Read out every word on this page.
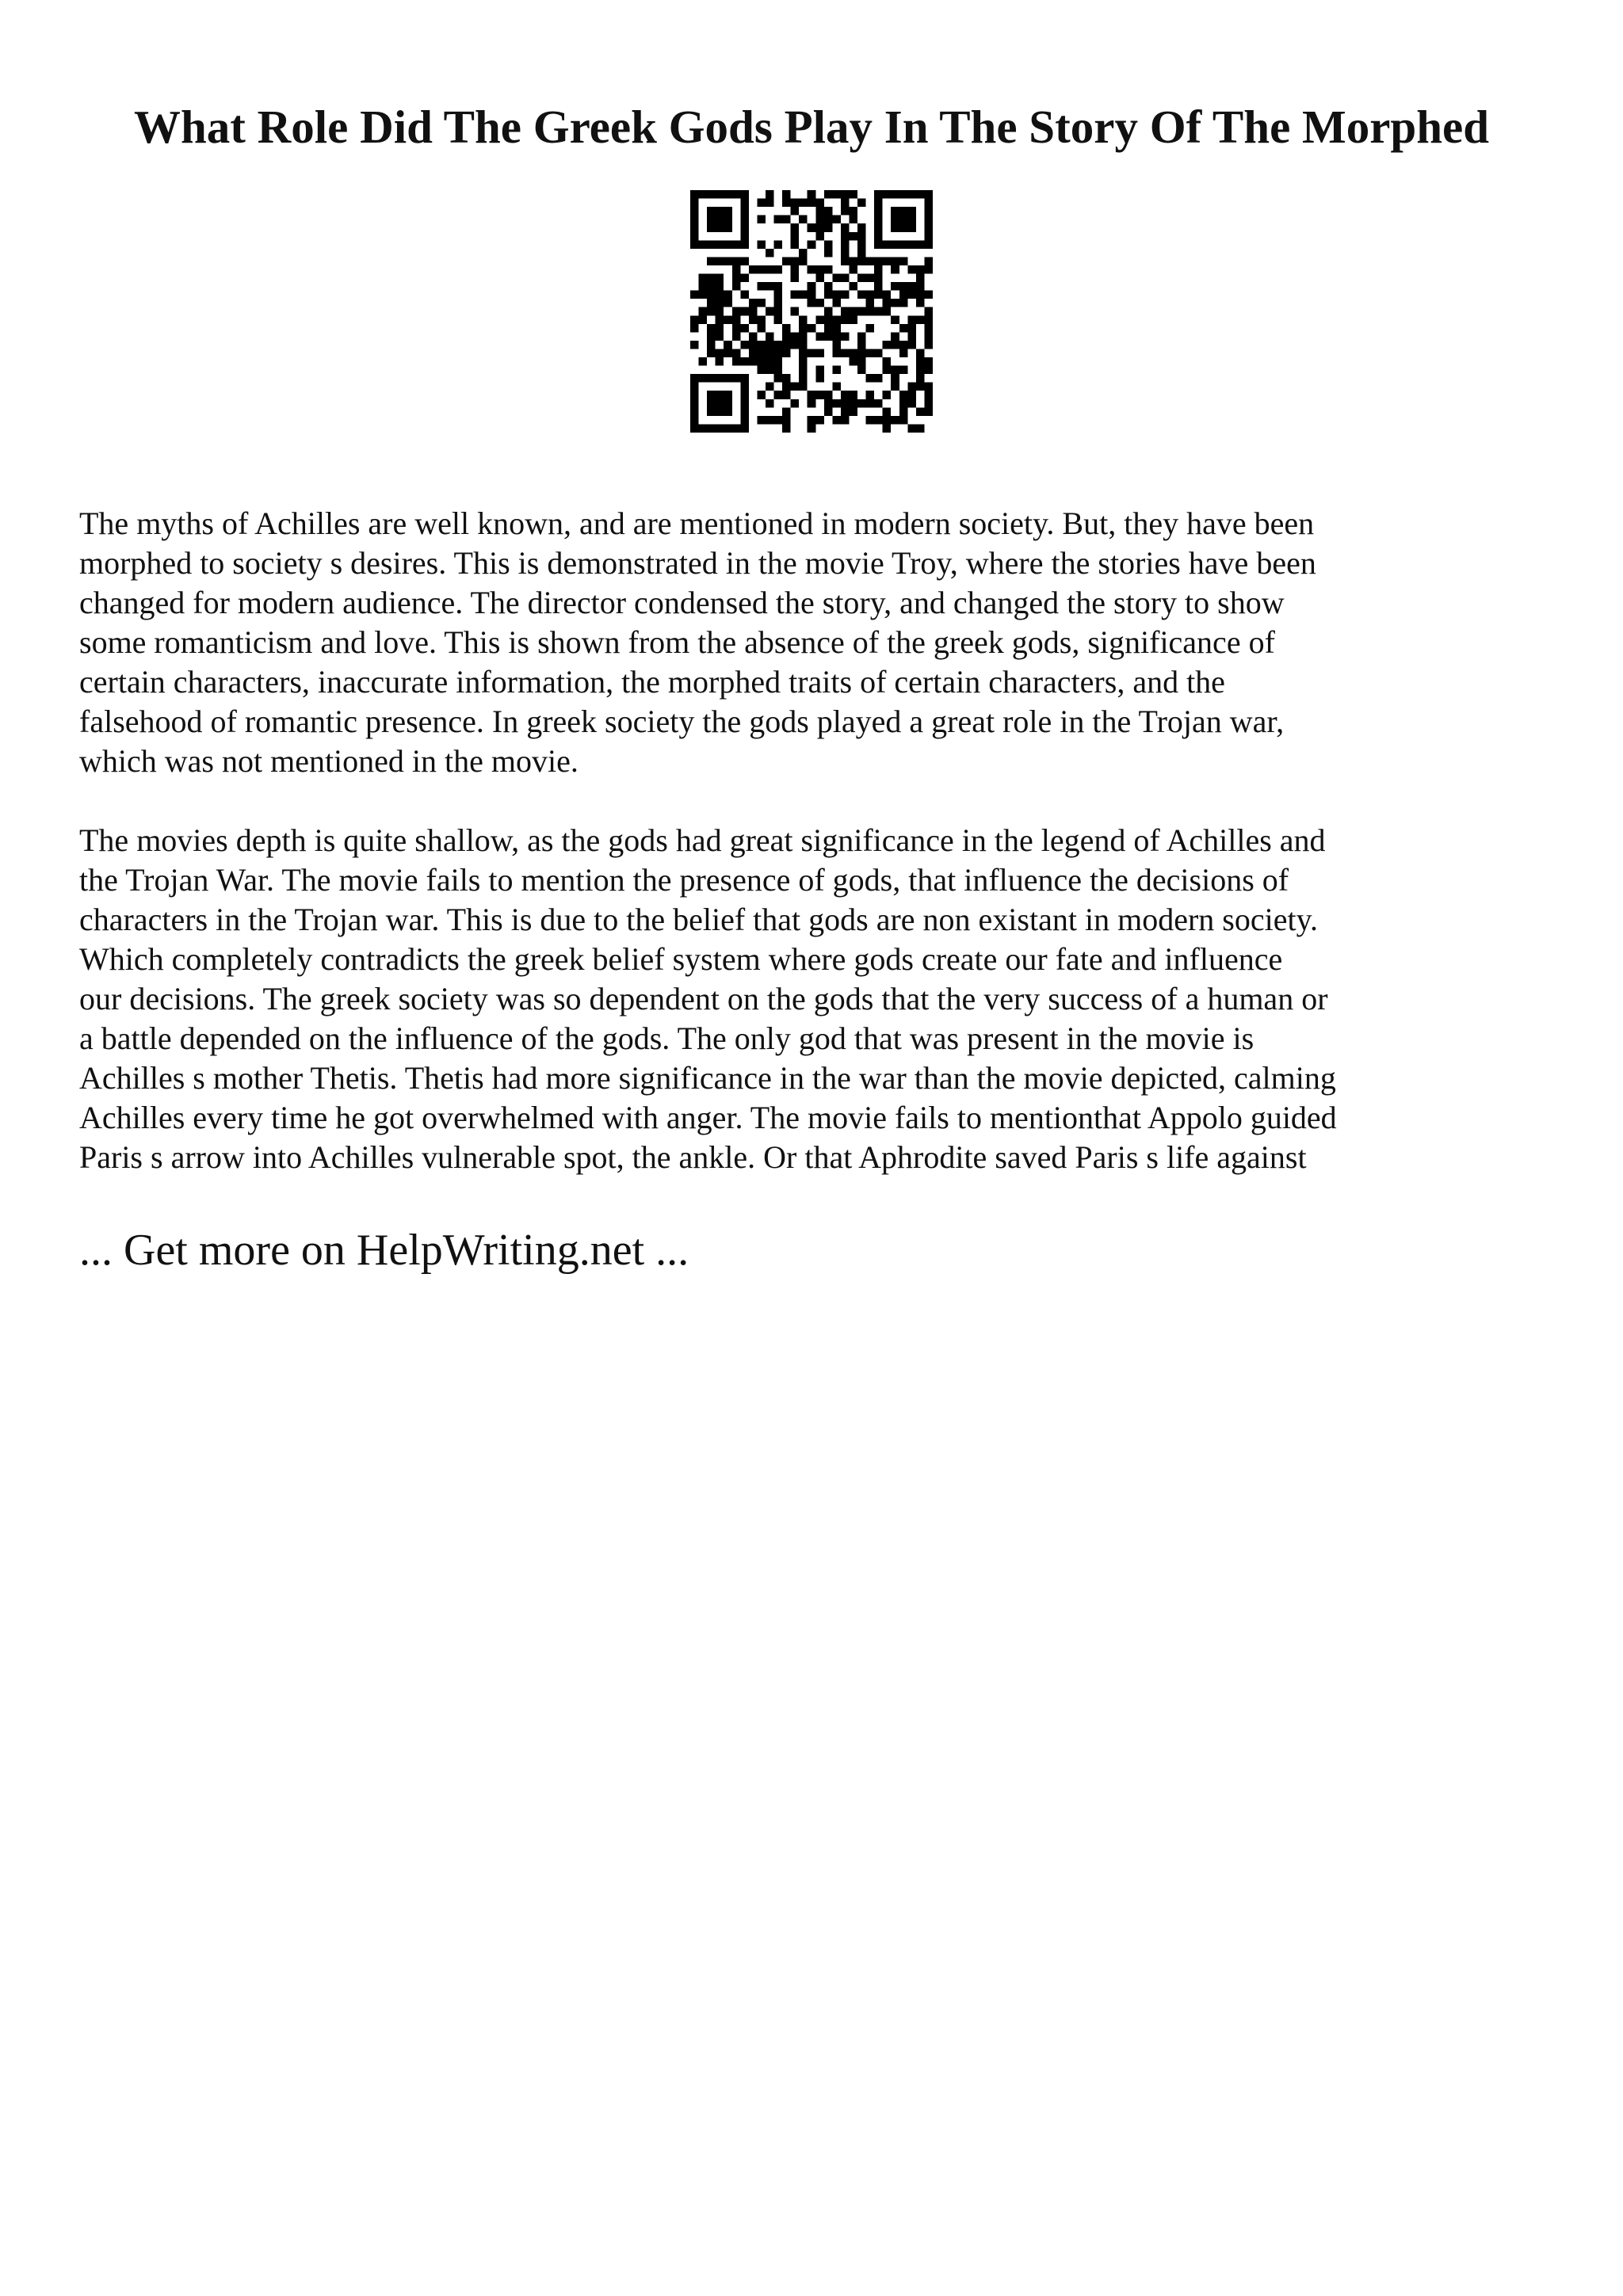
What Role Did The Greek Gods Play In The Story Of The Morphed

The myths of Achilles are well known, and are mentioned in modern society. But, they have been
morphed to society s desires. This is demonstrated in the movie Troy, where the stories have been
changed for modern audience. The director condensed the story, and changed the story to show
some romanticism and love. This is shown from the absence of the greek gods, significance of
certain characters, inaccurate information, the morphed traits of certain characters, and the
falsehood of romantic presence. In greek society the gods played a great role in the Trojan war,
which was not mentioned in the movie.

The movies depth is quite shallow, as the gods had great significance in the legend of Achilles and
the Trojan War. The movie fails to mention the presence of gods, that influence the decisions of
characters in the Trojan war. This is due to the belief that gods are non existant in modern society.
Which completely contradicts the greek belief system where gods create our fate and influence
our decisions. The greek society was so dependent on the gods that the very success of a human or
a battle depended on the influence of the gods. The only god that was present in the movie is
Achilles s mother Thetis. Thetis had more significance in the war than the movie depicted, calming
Achilles every time he got overwhelmed with anger. The movie fails to mentionthat Appolo guided
Paris s arrow into Achilles vulnerable spot, the ankle. Or that Aphrodite saved Paris s life against

... Get more on HelpWriting.net ...
